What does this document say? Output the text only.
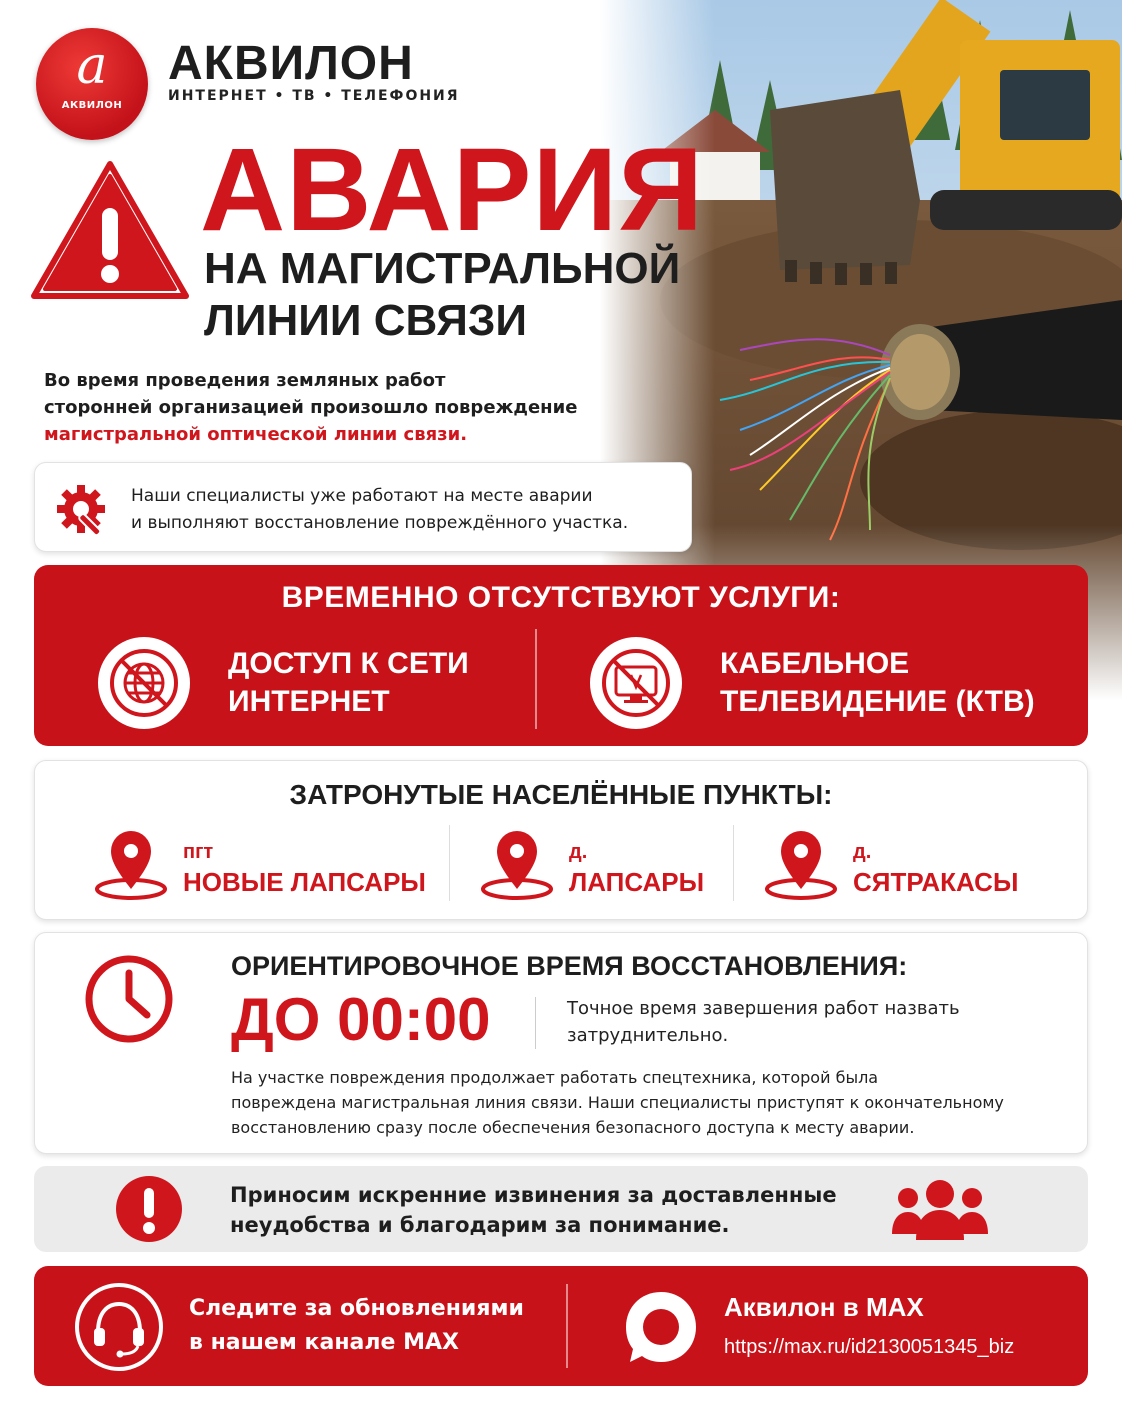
a
АКВИЛОН
АКВИЛОН
ИНТЕРНЕТ • ТВ • ТЕЛЕФОНИЯ
АВАРИЯ
НА МАГИСТРАЛЬНОЙ
ЛИНИИ СВЯЗИ
Во время проведения земляных работ
сторонней организацией произошло повреждение
магистральной оптической линии связи.
Наши специалисты уже работают на месте аварии
и выполняют восстановление повреждённого участка.
ВРЕМЕННО ОТСУТСТВУЮТ УСЛУГИ:
ДОСТУП К СЕТИ
ИНТЕРНЕТ
КАБЕЛЬНОЕ
ТЕЛЕВИДЕНИЕ (КТВ)
ЗАТРОНУТЫЕ НАСЕЛЁННЫЕ ПУНКТЫ:
пгт
НОВЫЕ ЛАПСАРЫ
д.
ЛАПСАРЫ
д.
СЯТРАКАСЫ
ОРИЕНТИРОВОЧНОЕ ВРЕМЯ ВОССТАНОВЛЕНИЯ:
ДО 00:00	Точное время завершения работ назвать
затруднительно.
На участке повреждения продолжает работать спецтехника, которой была
повреждена магистральная линия связи. Наши специалисты приступят к окончательному
восстановлению сразу после обеспечения безопасного доступа к месту аварии.
Приносим искренние извинения за доставленные
неудобства и благодарим за понимание.
Следите за обновлениями
в нашем канале MAX
Аквилон в MAX
https://max.ru/id2130051345_biz
